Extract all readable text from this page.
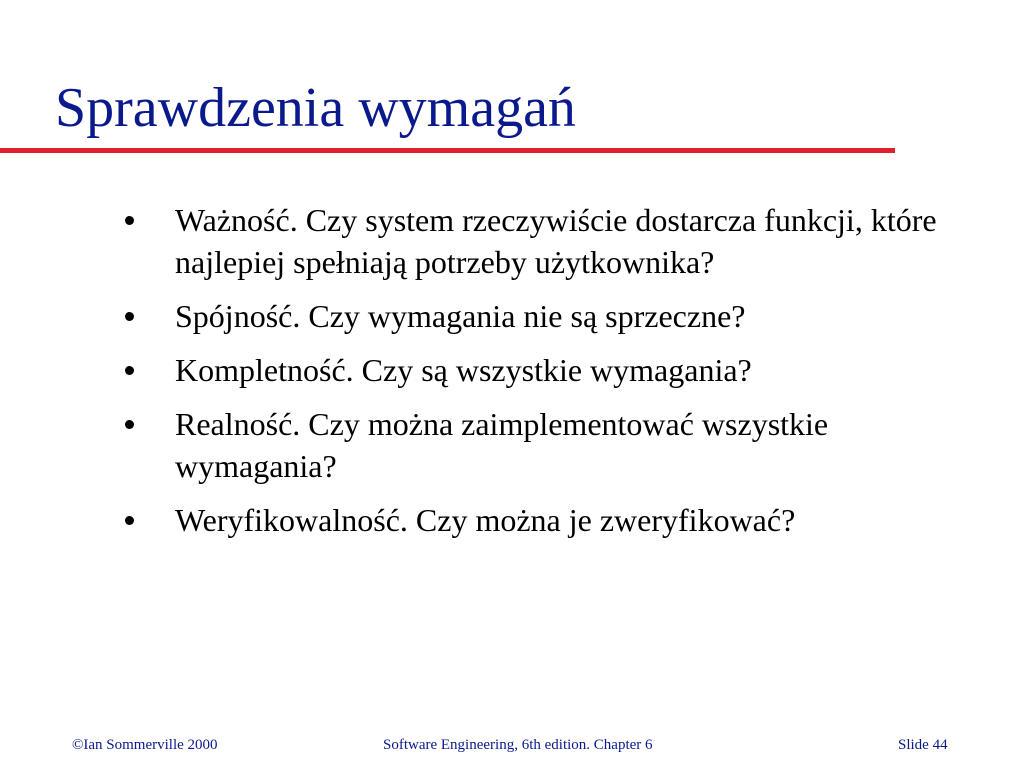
Sprawdzenia wymagań
Ważność. Czy system rzeczywiście dostarcza funkcji, które najlepiej spełniają potrzeby użytkownika?
Spójność. Czy wymagania nie są sprzeczne?
Kompletność. Czy są wszystkie wymagania?
Realność. Czy można zaimplementować wszystkie wymagania?
Weryfikowalność. Czy można je zweryfikować?
©Ian Sommerville 2000	Software Engineering, 6th edition. Chapter 6	Slide 44
